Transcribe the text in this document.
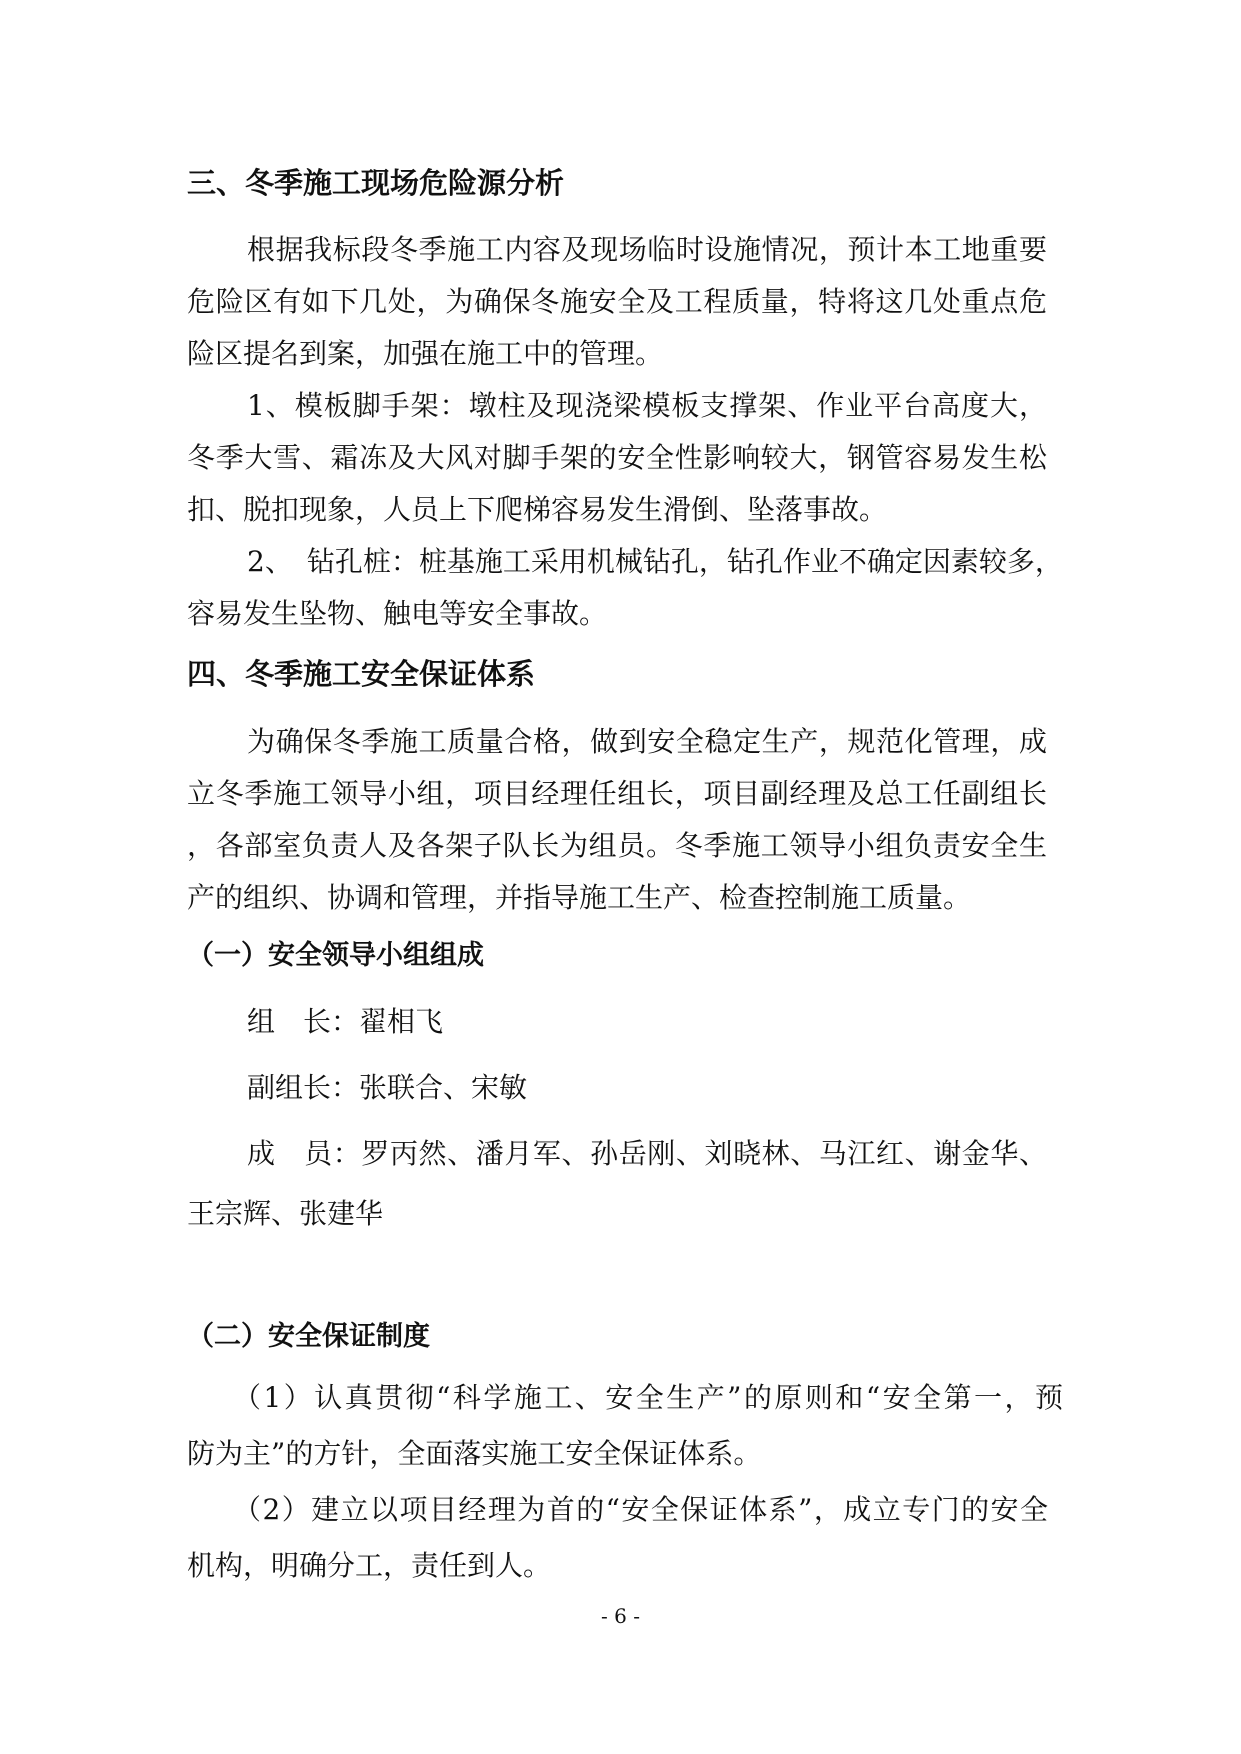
三、冬季施工现场危险源分析
根据我标段冬季施工内容及现场临时设施情况，预计本工地重要
危险区有如下几处，为确保冬施安全及工程质量，特将这几处重点危
险区提名到案，加强在施工中的管理。
1、模板脚手架：墩柱及现浇梁模板支撑架、作业平台高度大，
冬季大雪、霜冻及大风对脚手架的安全性影响较大，钢管容易发生松
扣、脱扣现象，人员上下爬梯容易发生滑倒、坠落事故。
2、　钻孔桩：桩基施工采用机械钻孔，钻孔作业不确定因素较多，
容易发生坠物、触电等安全事故。
四、冬季施工安全保证体系
为确保冬季施工质量合格，做到安全稳定生产，规范化管理，成
立冬季施工领导小组，项目经理任组长，项目副经理及总工任副组长
，各部室负责人及各架子队长为组员。冬季施工领导小组负责安全生
产的组织、协调和管理，并指导施工生产、检查控制施工质量。
（一）安全领导小组组成
组　长：翟相飞
副组长：张联合、宋敏
成　员：罗丙然、潘月军、孙岳刚、刘晓林、马江红、谢金华、
王宗辉、张建华
（二）安全保证制度
（1）认真贯彻“科学施工、安全生产”的原则和“安全第一，预
防为主”的方针，全面落实施工安全保证体系。
（2）建立以项目经理为首的“安全保证体系”，成立专门的安全
机构，明确分工，责任到人。
- 6 -
